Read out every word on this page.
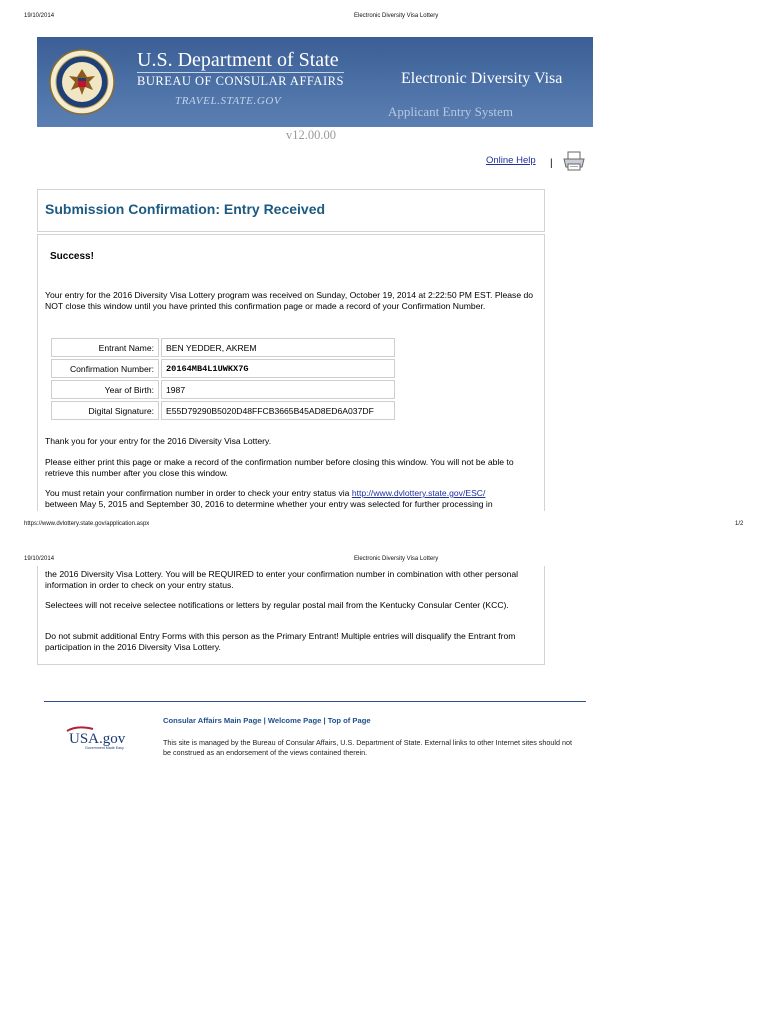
19/10/2014	Electronic Diversity Visa Lottery
U.S. Department of State
BUREAU OF CONSULAR AFFAIRS
TRAVEL.STATE.GOV
Electronic Diversity Visa
Applicant Entry System
v12.00.00
Online Help |
Submission Confirmation: Entry Received
Success!
Your entry for the 2016 Diversity Visa Lottery program was received on Sunday, October 19, 2014 at 2:22:50 PM EST. Please do NOT close this window until you have printed this confirmation page or made a record of your Confirmation Number.
Entrant Name:	BEN YEDDER, AKREM
Confirmation Number:	20164MB4L1UWKX7G
Year of Birth:	1987
Digital Signature:	E55D79290B5020D48FFCB3665B45AD8ED6A037DF
Thank you for your entry for the 2016 Diversity Visa Lottery.
Please either print this page or make a record of the confirmation number before closing this window. You will not be able to retrieve this number after you close this window.
You must retain your confirmation number in order to check your entry status via http://www.dvlottery.state.gov/ESC/
between May 5, 2015 and September 30, 2016 to determine whether your entry was selected for further processing in
https://www.dvlottery.state.gov/application.aspx	1/2
19/10/2014	Electronic Diversity Visa Lottery
the 2016 Diversity Visa Lottery. You will be REQUIRED to enter your confirmation number in combination with other personal information in order to check on your entry status.
Selectees will not receive selectee notifications or letters by regular postal mail from the Kentucky Consular Center (KCC).
Do not submit additional Entry Forms with this person as the Primary Entrant! Multiple entries will disqualify the Entrant from participation in the 2016 Diversity Visa Lottery.
Consular Affairs Main Page | Welcome Page | Top of Page
USA.gov
Government Made Easy
This site is managed by the Bureau of Consular Affairs, U.S. Department of State. External links to other Internet sites should not be construed as an endorsement of the views contained therein.
